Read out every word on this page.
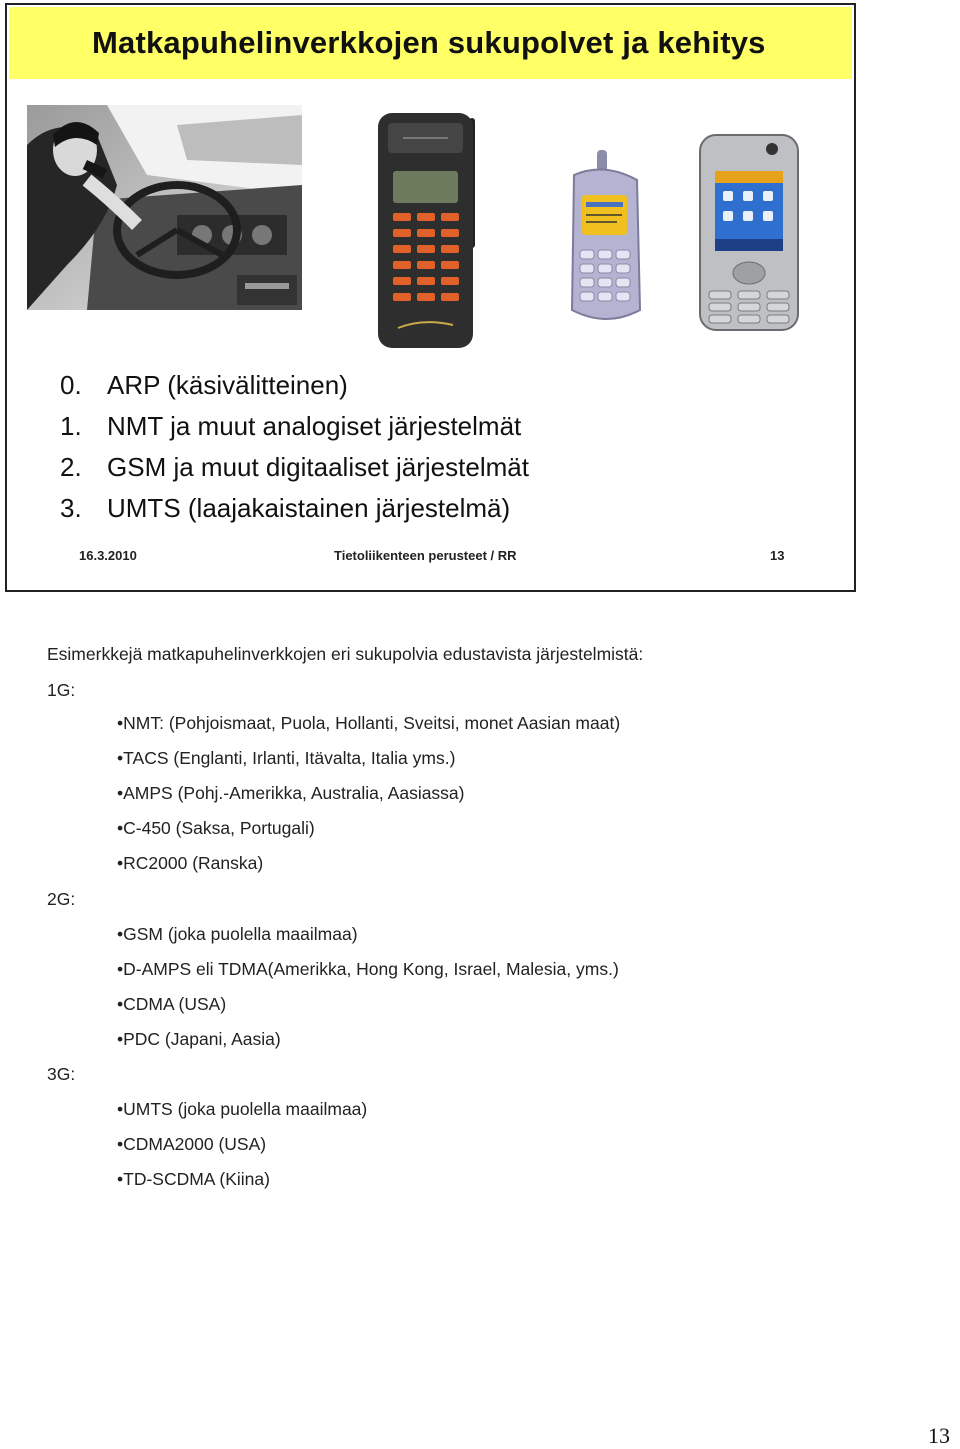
Matkapuhelinverkkojen sukupolvet ja kehitys
0. ARP (käsivälitteinen)
1. NMT ja muut analogiset järjestelmät
2. GSM ja muut digitaaliset järjestelmät
3. UMTS (laajakaistainen järjestelmä)
16.3.2010	Tietoliikenteen perusteet / RR	13
Esimerkkejä matkapuhelinverkkojen eri sukupolvia edustavista järjestelmistä:
1G:
•NMT: (Pohjoismaat, Puola, Hollanti, Sveitsi, monet Aasian maat)
•TACS (Englanti, Irlanti, Itävalta, Italia yms.)
•AMPS (Pohj.-Amerikka, Australia, Aasiassa)
•C-450 (Saksa, Portugali)
•RC2000 (Ranska)
2G:
•GSM (joka puolella maailmaa)
•D-AMPS eli TDMA(Amerikka, Hong Kong, Israel, Malesia, yms.)
•CDMA (USA)
•PDC (Japani, Aasia)
3G:
•UMTS (joka puolella maailmaa)
•CDMA2000 (USA)
•TD-SCDMA (Kiina)
13
